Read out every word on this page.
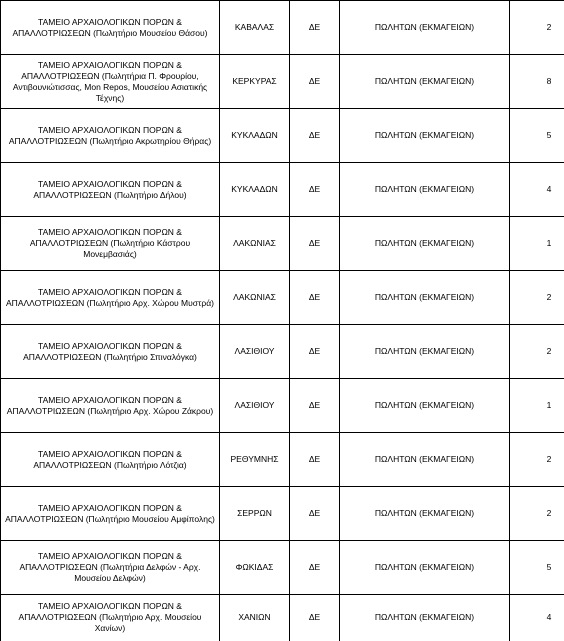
ΤΑΜΕΙΟ ΑΡΧΑΙΟΛΟΓΙΚΩΝ ΠΟΡΩΝ & ΑΠΑΛΛΟΤΡΙΩΣΕΩΝ (Πωλητήριο Μουσείου Θάσου)	ΚΑΒΑΛΑΣ	ΔΕ	ΠΩΛΗΤΩΝ (ΕΚΜΑΓΕΙΩΝ)	2
ΤΑΜΕΙΟ ΑΡΧΑΙΟΛΟΓΙΚΩΝ ΠΟΡΩΝ & ΑΠΑΛΛΟΤΡΙΩΣΕΩΝ (Πωλητήρια Π. Φρουρίου, Αντιβουνιώτισσας, Mon Repos, Μουσείου Ασιατικής Τέχνης)	ΚΕΡΚΥΡΑΣ	ΔΕ	ΠΩΛΗΤΩΝ (ΕΚΜΑΓΕΙΩΝ)	8
ΤΑΜΕΙΟ ΑΡΧΑΙΟΛΟΓΙΚΩΝ ΠΟΡΩΝ & ΑΠΑΛΛΟΤΡΙΩΣΕΩΝ (Πωλητήριο Ακρωτηρίου Θήρας)	ΚΥΚΛΑΔΩΝ	ΔΕ	ΠΩΛΗΤΩΝ (ΕΚΜΑΓΕΙΩΝ)	5
ΤΑΜΕΙΟ ΑΡΧΑΙΟΛΟΓΙΚΩΝ ΠΟΡΩΝ & ΑΠΑΛΛΟΤΡΙΩΣΕΩΝ (Πωλητήριο Δήλου)	ΚΥΚΛΑΔΩΝ	ΔΕ	ΠΩΛΗΤΩΝ (ΕΚΜΑΓΕΙΩΝ)	4
ΤΑΜΕΙΟ ΑΡΧΑΙΟΛΟΓΙΚΩΝ ΠΟΡΩΝ & ΑΠΑΛΛΟΤΡΙΩΣΕΩΝ (Πωλητήριο Κάστρου Μονεμβασιάς)	ΛΑΚΩΝΙΑΣ	ΔΕ	ΠΩΛΗΤΩΝ (ΕΚΜΑΓΕΙΩΝ)	1
ΤΑΜΕΙΟ ΑΡΧΑΙΟΛΟΓΙΚΩΝ ΠΟΡΩΝ & ΑΠΑΛΛΟΤΡΙΩΣΕΩΝ (Πωλητήριο Αρχ. Χώρου Μυστρά)	ΛΑΚΩΝΙΑΣ	ΔΕ	ΠΩΛΗΤΩΝ (ΕΚΜΑΓΕΙΩΝ)	2
ΤΑΜΕΙΟ ΑΡΧΑΙΟΛΟΓΙΚΩΝ ΠΟΡΩΝ & ΑΠΑΛΛΟΤΡΙΩΣΕΩΝ (Πωλητήριο Σπιναλόγκα)	ΛΑΣΙΘΙΟΥ	ΔΕ	ΠΩΛΗΤΩΝ (ΕΚΜΑΓΕΙΩΝ)	2
ΤΑΜΕΙΟ ΑΡΧΑΙΟΛΟΓΙΚΩΝ ΠΟΡΩΝ & ΑΠΑΛΛΟΤΡΙΩΣΕΩΝ (Πωλητήριο Αρχ. Χώρου Ζάκρου)	ΛΑΣΙΘΙΟΥ	ΔΕ	ΠΩΛΗΤΩΝ (ΕΚΜΑΓΕΙΩΝ)	1
ΤΑΜΕΙΟ ΑΡΧΑΙΟΛΟΓΙΚΩΝ ΠΟΡΩΝ & ΑΠΑΛΛΟΤΡΙΩΣΕΩΝ (Πωλητήριο Λότζια)	ΡΕΘΥΜΝΗΣ	ΔΕ	ΠΩΛΗΤΩΝ (ΕΚΜΑΓΕΙΩΝ)	2
ΤΑΜΕΙΟ ΑΡΧΑΙΟΛΟΓΙΚΩΝ ΠΟΡΩΝ & ΑΠΑΛΛΟΤΡΙΩΣΕΩΝ (Πωλητήριο Μουσείου Αμφίπολης)	ΣΕΡΡΩΝ	ΔΕ	ΠΩΛΗΤΩΝ (ΕΚΜΑΓΕΙΩΝ)	2
ΤΑΜΕΙΟ ΑΡΧΑΙΟΛΟΓΙΚΩΝ ΠΟΡΩΝ & ΑΠΑΛΛΟΤΡΙΩΣΕΩΝ (Πωλητήρια Δελφών - Αρχ. Μουσείου Δελφών)	ΦΩΚΙΔΑΣ	ΔΕ	ΠΩΛΗΤΩΝ (ΕΚΜΑΓΕΙΩΝ)	5
ΤΑΜΕΙΟ ΑΡΧΑΙΟΛΟΓΙΚΩΝ ΠΟΡΩΝ & ΑΠΑΛΛΟΤΡΙΩΣΕΩΝ (Πωλητήριο Αρχ. Μουσείου Χανίων)	ΧΑΝΙΩΝ	ΔΕ	ΠΩΛΗΤΩΝ (ΕΚΜΑΓΕΙΩΝ)	4
